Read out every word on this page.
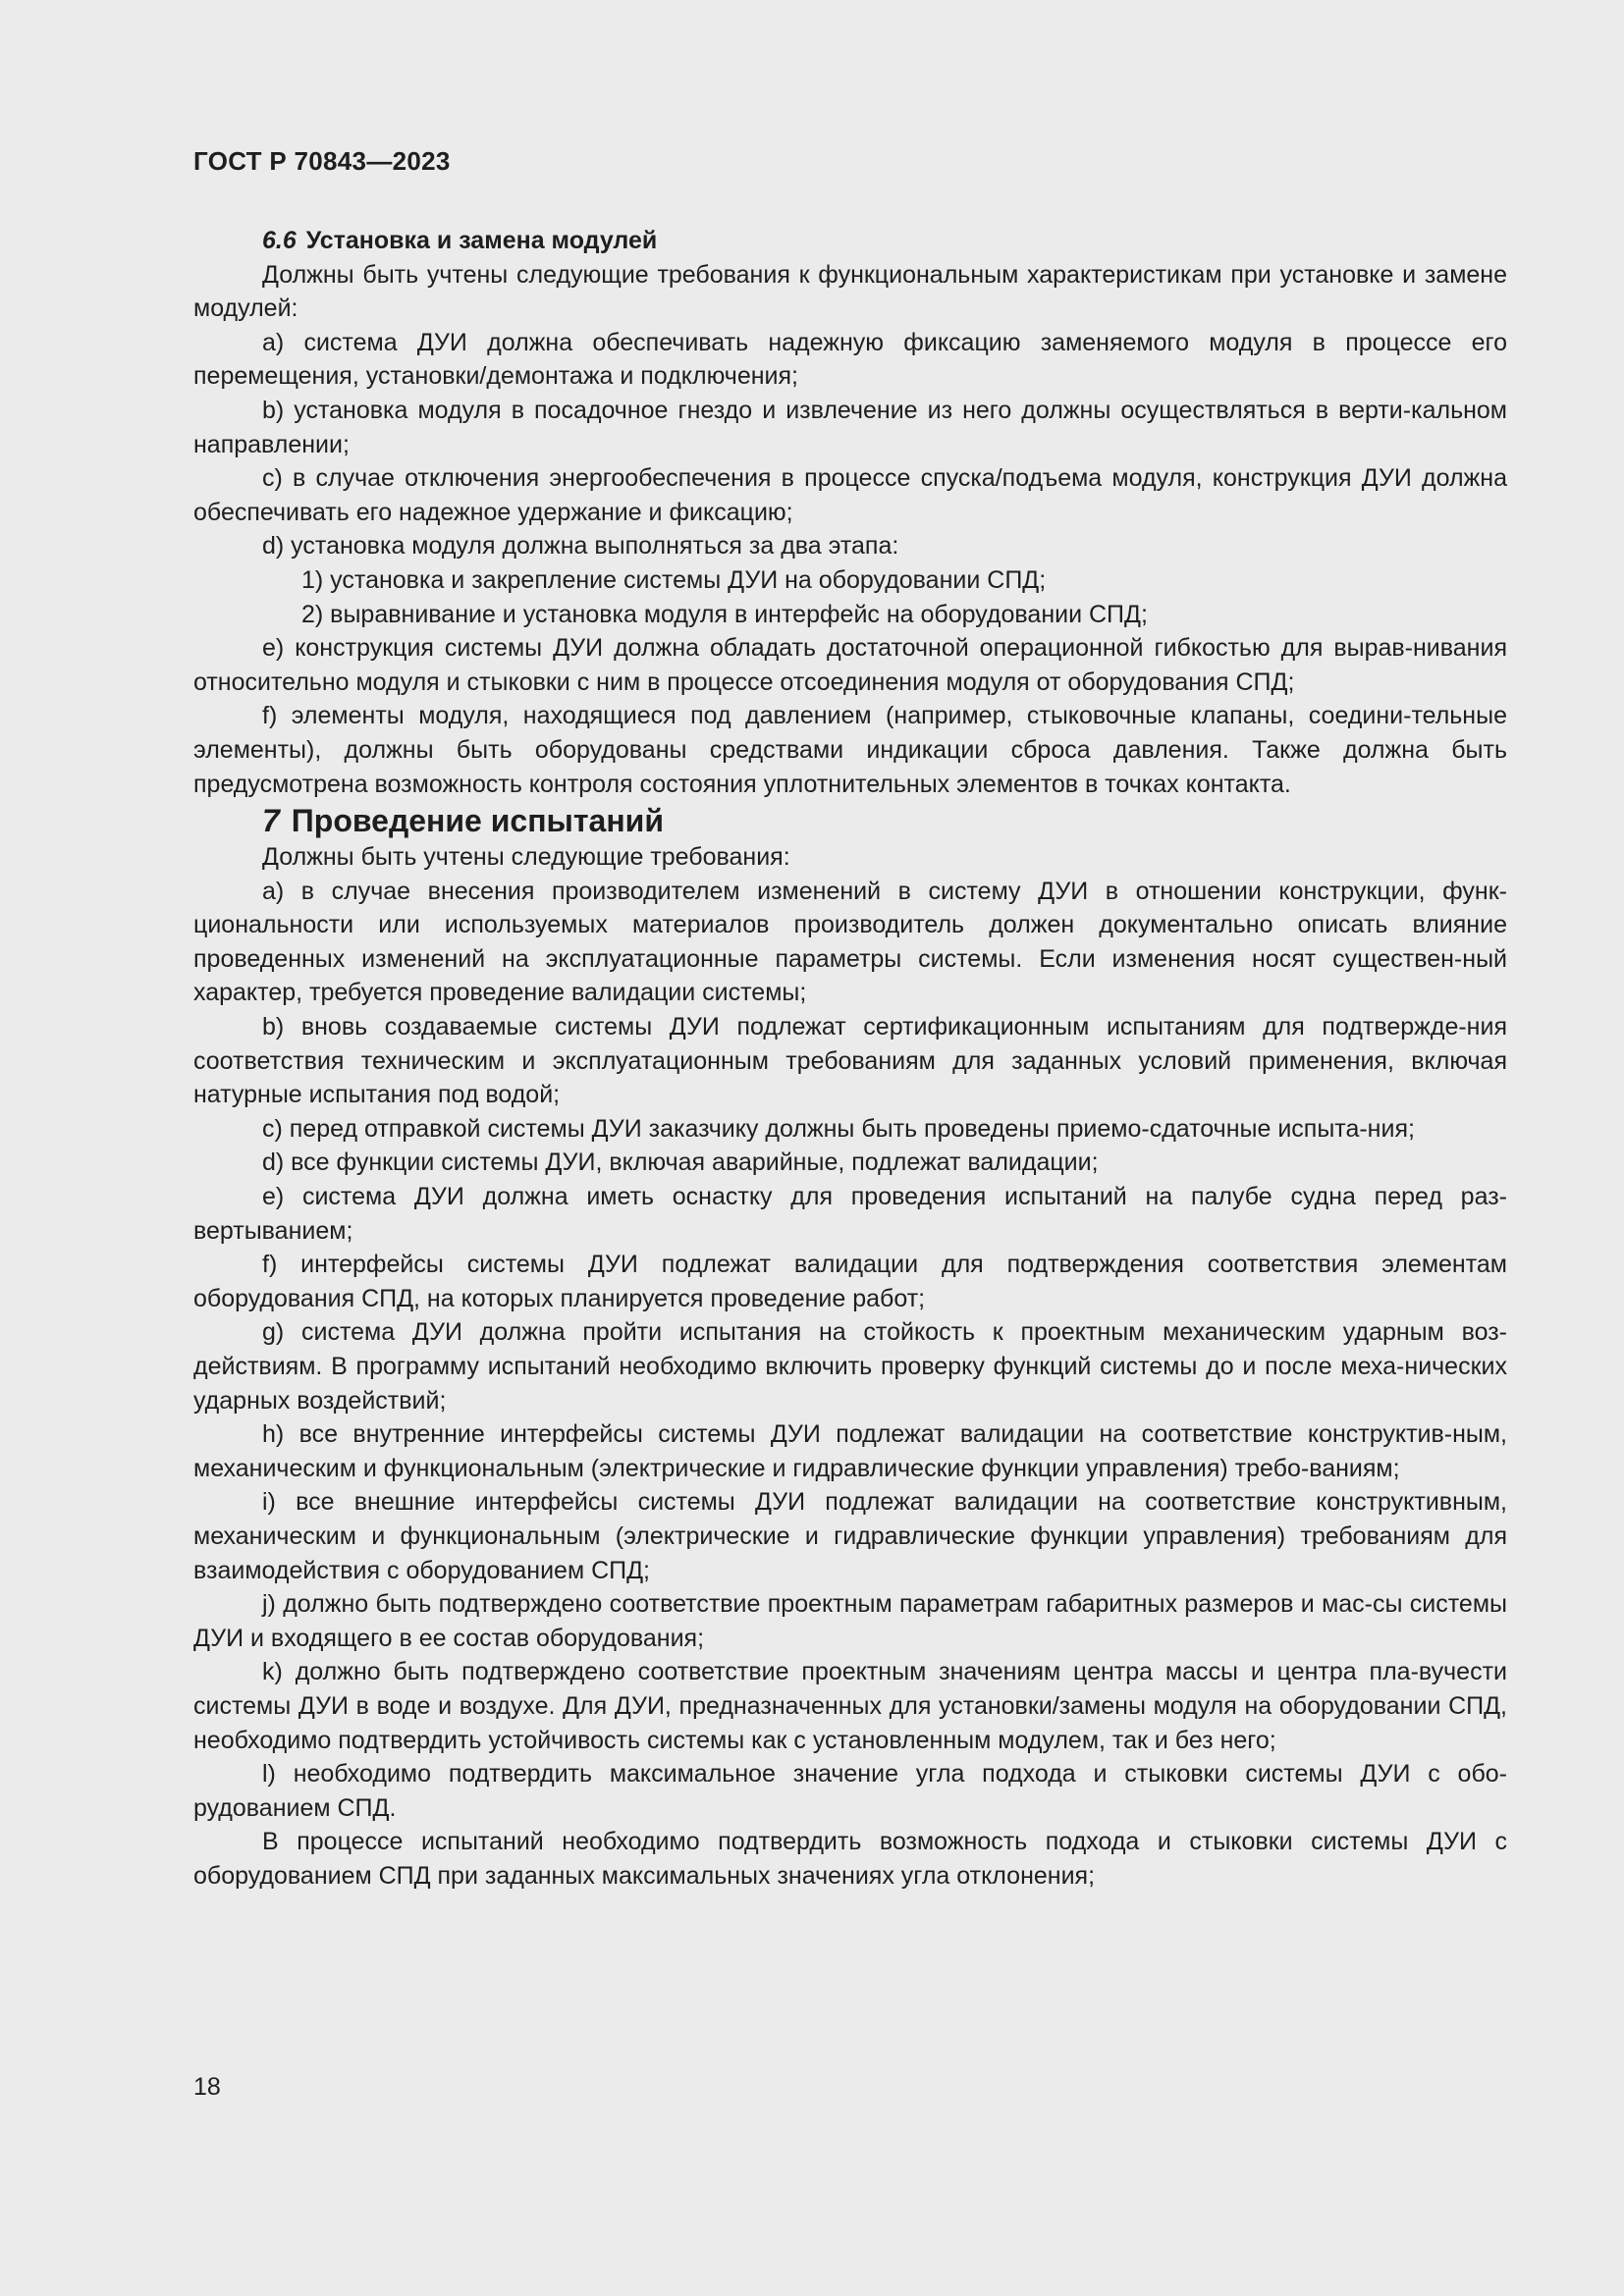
ГОСТ Р 70843—2023

6.6 Установка и замена модулей

Должны быть учтены следующие требования к функциональным характеристикам при установке и замене модулей:

a) система ДУИ должна обеспечивать надежную фиксацию заменяемого модуля в процессе его перемещения, установки/демонтажа и подключения;

b) установка модуля в посадочное гнездо и извлечение из него должны осуществляться в верти-кальном направлении;

c) в случае отключения энергообеспечения в процессе спуска/подъема модуля, конструкция ДУИ должна обеспечивать его надежное удержание и фиксацию;

d) установка модуля должна выполняться за два этапа:

1) установка и закрепление системы ДУИ на оборудовании СПД;

2) выравнивание и установка модуля в интерфейс на оборудовании СПД;

e) конструкция системы ДУИ должна обладать достаточной операционной гибкостью для вырав-нивания относительно модуля и стыковки с ним в процессе отсоединения модуля от оборудования СПД;

f) элементы модуля, находящиеся под давлением (например, стыковочные клапаны, соедини-тельные элементы), должны быть оборудованы средствами индикации сброса давления. Также должна быть предусмотрена возможность контроля состояния уплотнительных элементов в точках контакта.

7 Проведение испытаний

Должны быть учтены следующие требования:

a) в случае внесения производителем изменений в систему ДУИ в отношении конструкции, функ-циональности или используемых материалов производитель должен документально описать влияние проведенных изменений на эксплуатационные параметры системы. Если изменения носят существен-ный характер, требуется проведение валидации системы;

b) вновь создаваемые системы ДУИ подлежат сертификационным испытаниям для подтвержде-ния соответствия техническим и эксплуатационным требованиям для заданных условий применения, включая натурные испытания под водой;

c) перед отправкой системы ДУИ заказчику должны быть проведены приемо-сдаточные испыта-ния;

d) все функции системы ДУИ, включая аварийные, подлежат валидации;

e) система ДУИ должна иметь оснастку для проведения испытаний на палубе судна перед раз-вертыванием;

f) интерфейсы системы ДУИ подлежат валидации для подтверждения соответствия элементам оборудования СПД, на которых планируется проведение работ;

g) система ДУИ должна пройти испытания на стойкость к проектным механическим ударным воз-действиям. В программу испытаний необходимо включить проверку функций системы до и после меха-нических ударных воздействий;

h) все внутренние интерфейсы системы ДУИ подлежат валидации на соответствие конструктив-ным, механическим и функциональным (электрические и гидравлические функции управления) требо-ваниям;

i) все внешние интерфейсы системы ДУИ подлежат валидации на соответствие конструктивным, механическим и функциональным (электрические и гидравлические функции управления) требованиям для взаимодействия с оборудованием СПД;

j) должно быть подтверждено соответствие проектным параметрам габаритных размеров и мас-сы системы ДУИ и входящего в ее состав оборудования;

k) должно быть подтверждено соответствие проектным значениям центра массы и центра пла-вучести системы ДУИ в воде и воздухе. Для ДУИ, предназначенных для установки/замены модуля на оборудовании СПД, необходимо подтвердить устойчивость системы как с установленным модулем, так и без него;

l) необходимо подтвердить максимальное значение угла подхода и стыковки системы ДУИ с обо-рудованием СПД.

В процессе испытаний необходимо подтвердить возможность подхода и стыковки системы ДУИ с оборудованием СПД при заданных максимальных значениях угла отклонения;

18
